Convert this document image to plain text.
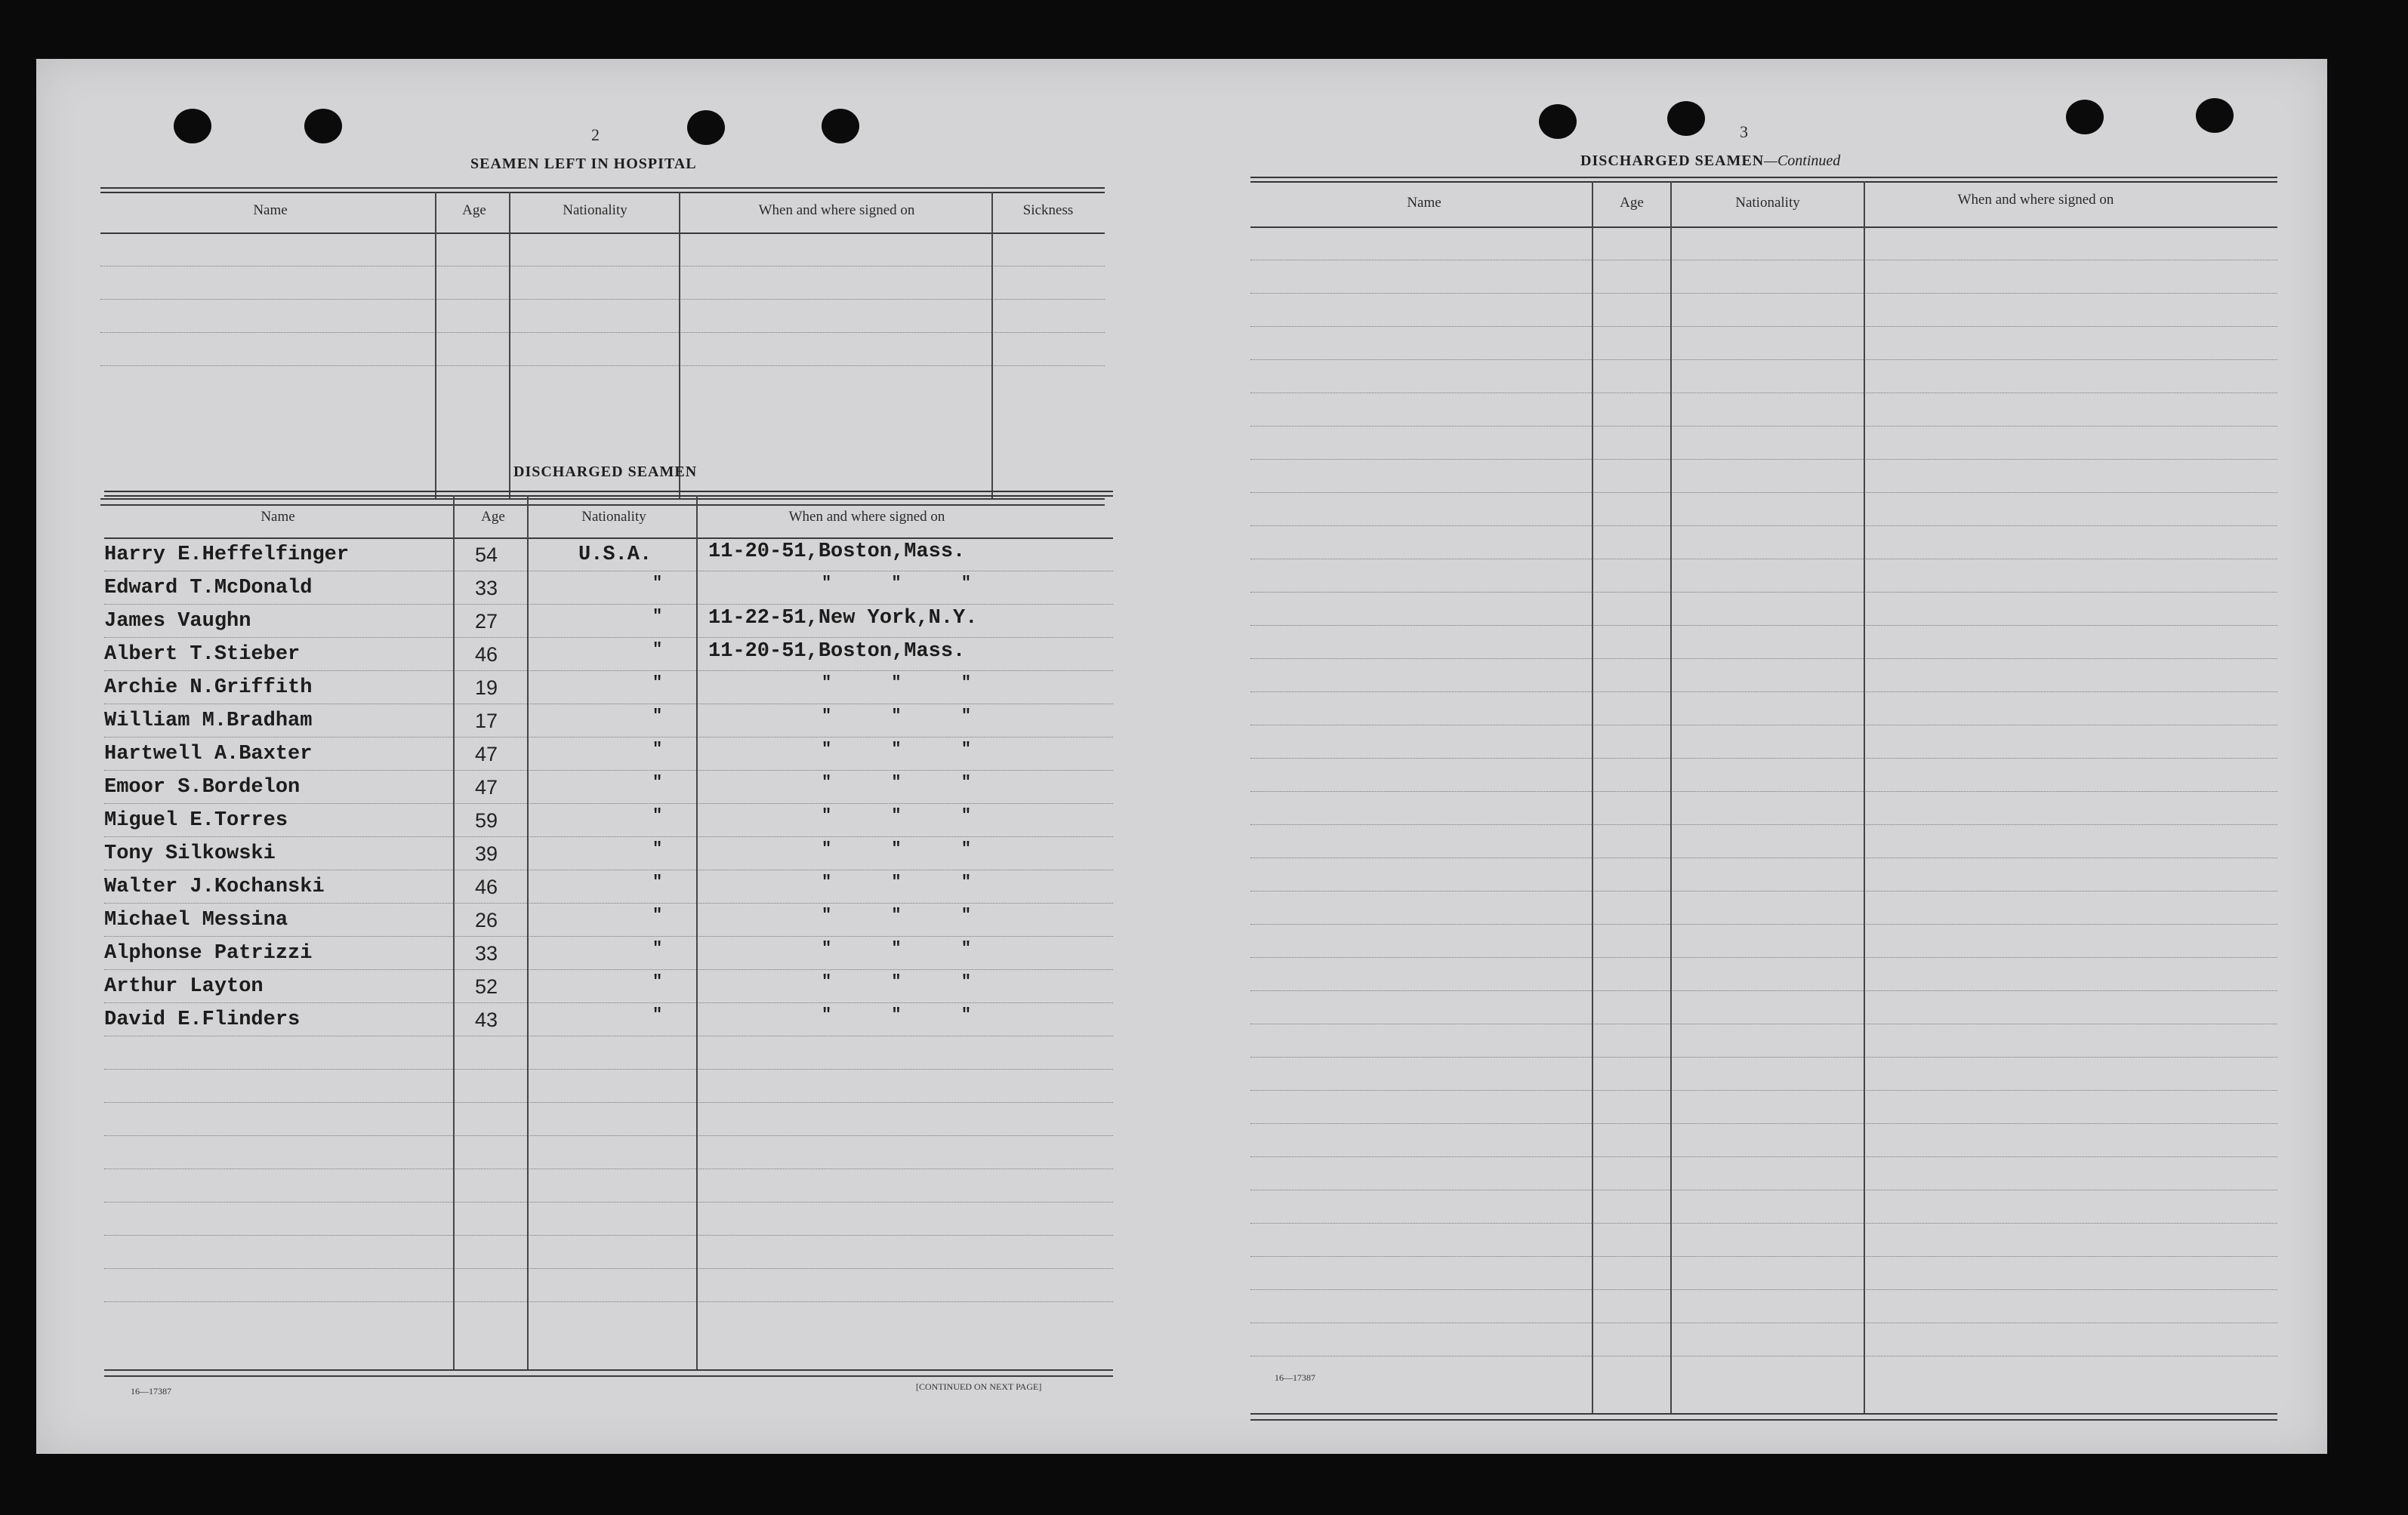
2
SEAMEN LEFT IN HOSPITAL
Name	Age	Nationality	When and where signed on	Sickness
DISCHARGED SEAMEN
Name	Age	Nationality	When and where signed on
Harry E.Heffelfinger	54	U.S.A.	11-20-51,Boston,Mass.
Edward T.McDonald	33	"	"      "      "
James Vaughn	27	" 11-22-51,New York,N.Y.
Albert T.Stieber	46	" 11-20-51,Boston,Mass.
Archie N.Griffith	19	"	"      "      "
William M.Bradham	17	"	"      "      "
Hartwell A.Baxter	47	"	"      "      "
Emoor S.Bordelon	47	"	"      "      "
Miguel E.Torres	59	"	"      "      "
Tony Silkowski	39	"	"      "      "
Walter J.Kochanski	46	"	"      "      "
Michael Messina	26	"	"      "      "
Alphonse Patrizzi	33	"	"      "      "
Arthur Layton	52	"	"      "      "
David E.Flinders	43	"	"      "      "
16—17387	[CONTINUED ON NEXT PAGE]
3
DISCHARGED SEAMEN—Continued
Name	Age	Nationality	When and where signed on
16—17387
